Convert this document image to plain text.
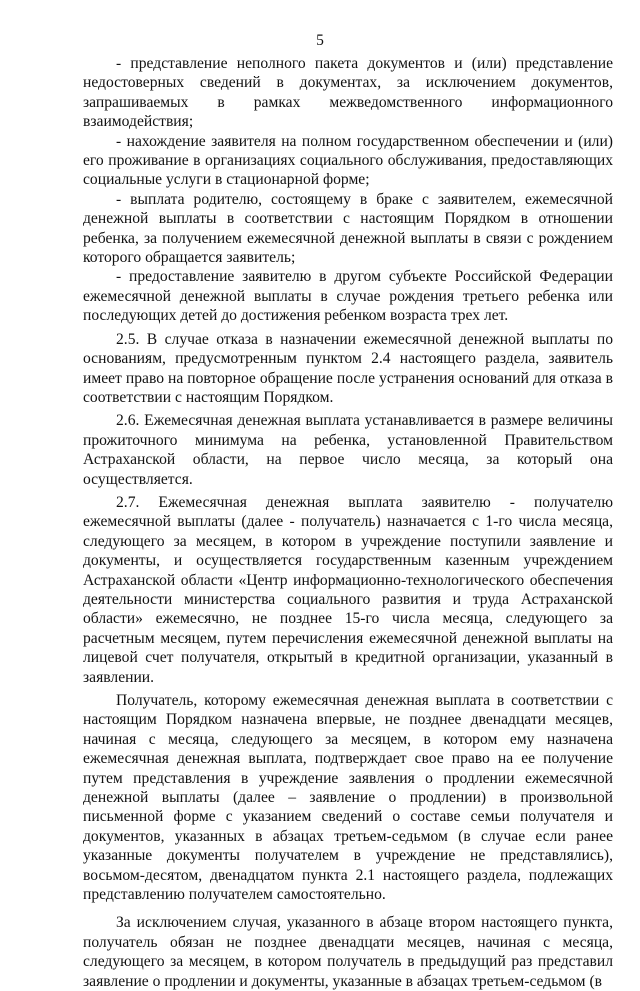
5

- представление неполного пакета документов и (или) представление недостоверных сведений в документах, за исключением документов, запрашиваемых в рамках межведомственного информационного взаимодействия;

- нахождение заявителя на полном государственном обеспечении и (или) его проживание в организациях социального обслуживания, предоставляющих социальные услуги в стационарной форме;

- выплата родителю, состоящему в браке с заявителем, ежемесячной денежной выплаты в соответствии с настоящим Порядком в отношении ребенка, за получением ежемесячной денежной выплаты в связи с рождением которого обращается заявитель;

- предоставление заявителю в другом субъекте Российской Федерации ежемесячной денежной выплаты в случае рождения третьего ребенка или последующих детей до достижения ребенком возраста трех лет.

2.5. В случае отказа в назначении ежемесячной денежной выплаты по основаниям, предусмотренным пунктом 2.4 настоящего раздела, заявитель имеет право на повторное обращение после устранения оснований для отказа в соответствии с настоящим Порядком.

2.6. Ежемесячная денежная выплата устанавливается в размере величины прожиточного минимума на ребенка, установленной Правительством Астраханской области, на первое число месяца, за который она осуществляется.

2.7. Ежемесячная денежная выплата заявителю - получателю ежемесячной выплаты (далее - получатель) назначается с 1-го числа месяца, следующего за месяцем, в котором в учреждение поступили заявление и документы, и осуществляется государственным казенным учреждением Астраханской области «Центр информационно-технологического обеспечения деятельности министерства социального развития и труда Астраханской области» ежемесячно, не позднее 15-го числа месяца, следующего за расчетным месяцем, путем перечисления ежемесячной денежной выплаты на лицевой счет получателя, открытый в кредитной организации, указанный в заявлении.

Получатель, которому ежемесячная денежная выплата в соответствии с настоящим Порядком назначена впервые, не позднее двенадцати месяцев, начиная с месяца, следующего за месяцем, в котором ему назначена ежемесячная денежная выплата, подтверждает свое право на ее получение путем представления в учреждение заявления о продлении ежемесячной денежной выплаты (далее – заявление о продлении) в произвольной письменной форме с указанием сведений о составе семьи получателя и документов, указанных в абзацах третьем-седьмом (в случае если ранее указанные документы получателем в учреждение не представлялись), восьмом-десятом, двенадцатом пункта 2.1 настоящего раздела, подлежащих представлению получателем самостоятельно.

За исключением случая, указанного в абзаце втором настоящего пункта, получатель обязан не позднее двенадцати месяцев, начиная с месяца, следующего за месяцем, в котором получатель в предыдущий раз представил заявление о продлении и документы, указанные в абзацах третьем-седьмом (в
